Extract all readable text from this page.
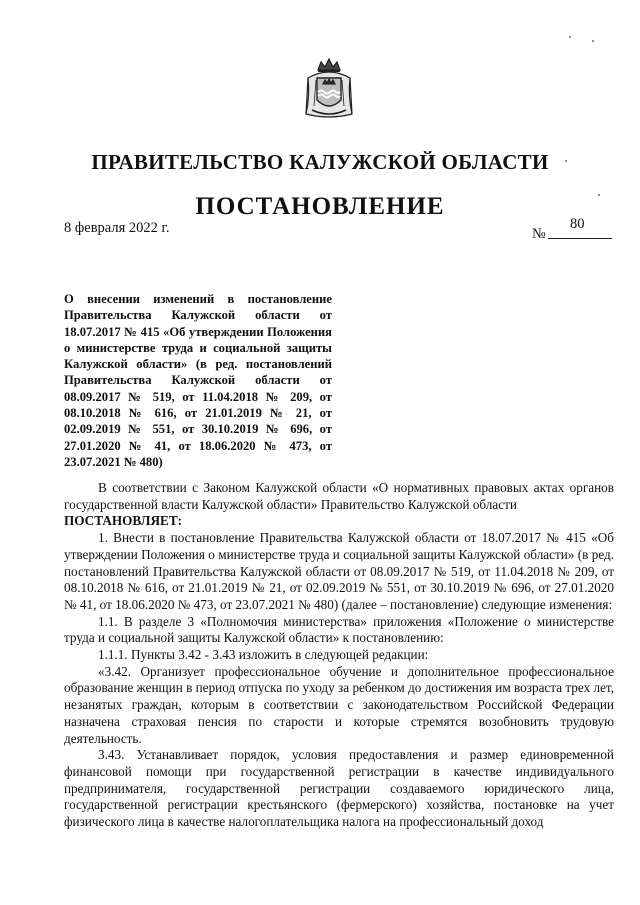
ПРАВИТЕЛЬСТВО КАЛУЖСКОЙ ОБЛАСТИ
ПОСТАНОВЛЕНИЕ
8 февраля 2022 г.	№
80

О внесении изменений в постановление Правительства Калужской области от 18.07.2017 № 415 «Об утверждении Положения о министерстве труда и социальной защиты Калужской области» (в ред. постановлений Правительства Калужской области от 08.09.2017 № 519, от 11.04.2018 № 209, от 08.10.2018 № 616, от 21.01.2019 № 21, от 02.09.2019 № 551, от 30.10.2019 № 696, от 27.01.2020 № 41, от 18.06.2020 № 473, от 23.07.2021 № 480)

В соответствии с Законом Калужской области «О нормативных правовых актах органов государственной власти Калужской области» Правительство Калужской области

ПОСТАНОВЛЯЕТ:

1. Внести в постановление Правительства Калужской области от 18.07.2017 № 415 «Об утверждении Положения о министерстве труда и социальной защиты Калужской области» (в ред. постановлений Правительства Калужской области от 08.09.2017 № 519, от 11.04.2018 № 209, от 08.10.2018 № 616, от 21.01.2019 № 21, от 02.09.2019 № 551, от 30.10.2019 № 696, от 27.01.2020 № 41, от 18.06.2020 № 473, от 23.07.2021 № 480) (далее – постановление) следующие изменения:

1.1. В разделе 3 «Полномочия министерства» приложения «Положение о министерстве труда и социальной защиты Калужской области» к постановлению:

1.1.1. Пункты 3.42 - 3.43 изложить в следующей редакции:

«3.42. Организует профессиональное обучение и дополнительное профессиональное образование женщин в период отпуска по уходу за ребенком до достижения им возраста трех лет, незанятых граждан, которым в соответствии с законодательством Российской Федерации назначена страховая пенсия по старости и которые стремятся возобновить трудовую деятельность.

3.43. Устанавливает порядок, условия предоставления и размер единовременной финансовой помощи при государственной регистрации в качестве индивидуального предпринимателя, государственной регистрации создаваемого юридического лица, государственной регистрации крестьянского (фермерского) хозяйства, постановке на учет физического лица в качестве налогоплательщика налога на профессиональный доход
